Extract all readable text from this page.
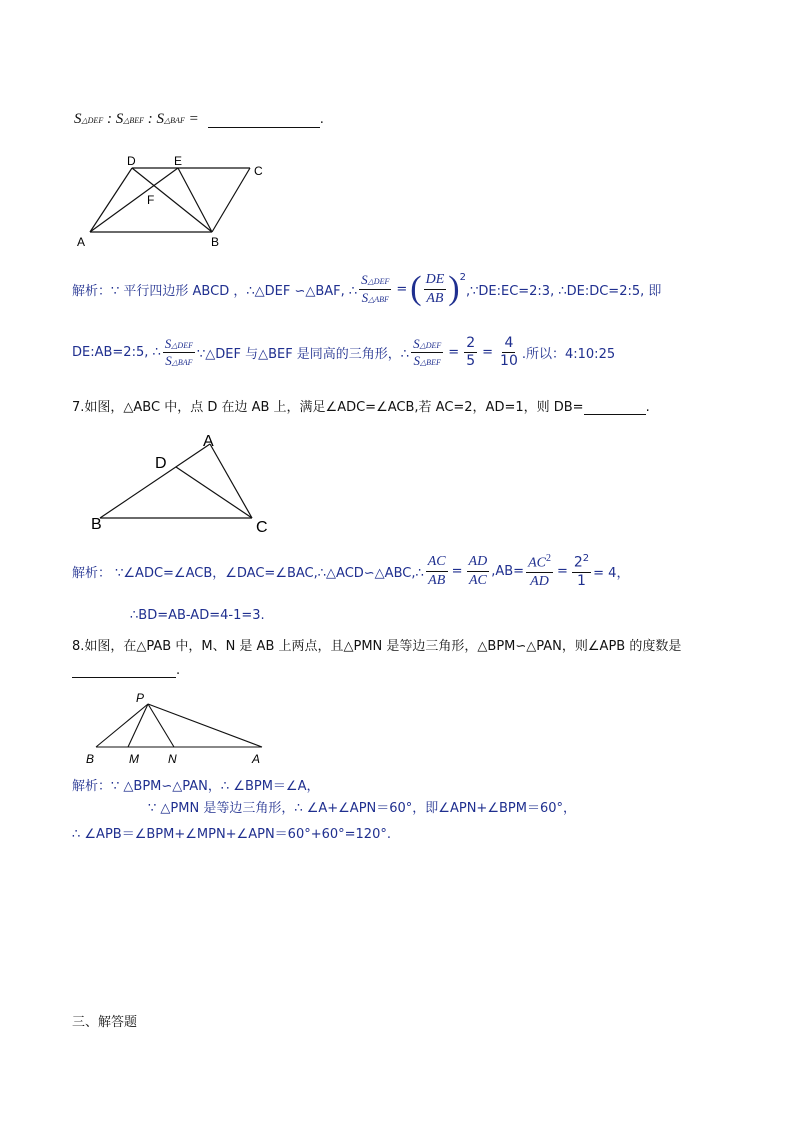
S△DEF : S△BEF : S△BAF =	.
D	E
C
F
A	B
解析：∵ 平行四边形 ABCD ，∴△DEF ∽△BAF, ∴ $\frac{\text{S△DEF}}{\text{S△ABF}}$ = ( $\frac{DE}{AB}$ ) 2
,∵DE:EC=2:3, ∴DE:DC=2:5, 即
DE:AB=2:5, ∴ $\frac{\text{S△DEF}}{\text{S△BAF}}$ ∵△DEF 与△BEF 是同高的三角形，∴ $\frac{\text{S△DEF}}{\text{S△BEF}} = \frac{2}{5} = \frac{4}{10}$ .所以：4:10:25
7.如图，△ABC 中，点 D 在边 AB 上，满足∠ADC=∠ACB,若 AC=2，AD=1，则 DB=	.
A
D
B	C
解析： ∵∠ADC=∠ACB，∠DAC=∠BAC,∴△ACD∽△ABC,∴ $\frac{AC}{AB} = \frac{AD}{AC} ,AB= \frac{AC^2}{AD} = \frac{2^2}{1} = 4$，
∴BD=AB-AD=4-1=3.
8.如图，在△PAB 中，M、N 是 AB 上两点，且△PMN 是等边三角形，△BPM∽△PAN，则∠APB 的度数是
.
P
B	M N	A
解析：∵ △BPM∽△PAN，∴ ∠BPM＝∠A，
∵ △PMN 是等边三角形，∴ ∠A+∠APN＝60°，即∠APN+∠BPM＝60°，
∴ ∠APB＝∠BPM+∠MPN+∠APN＝60°+60°=120°.
三、解答题
